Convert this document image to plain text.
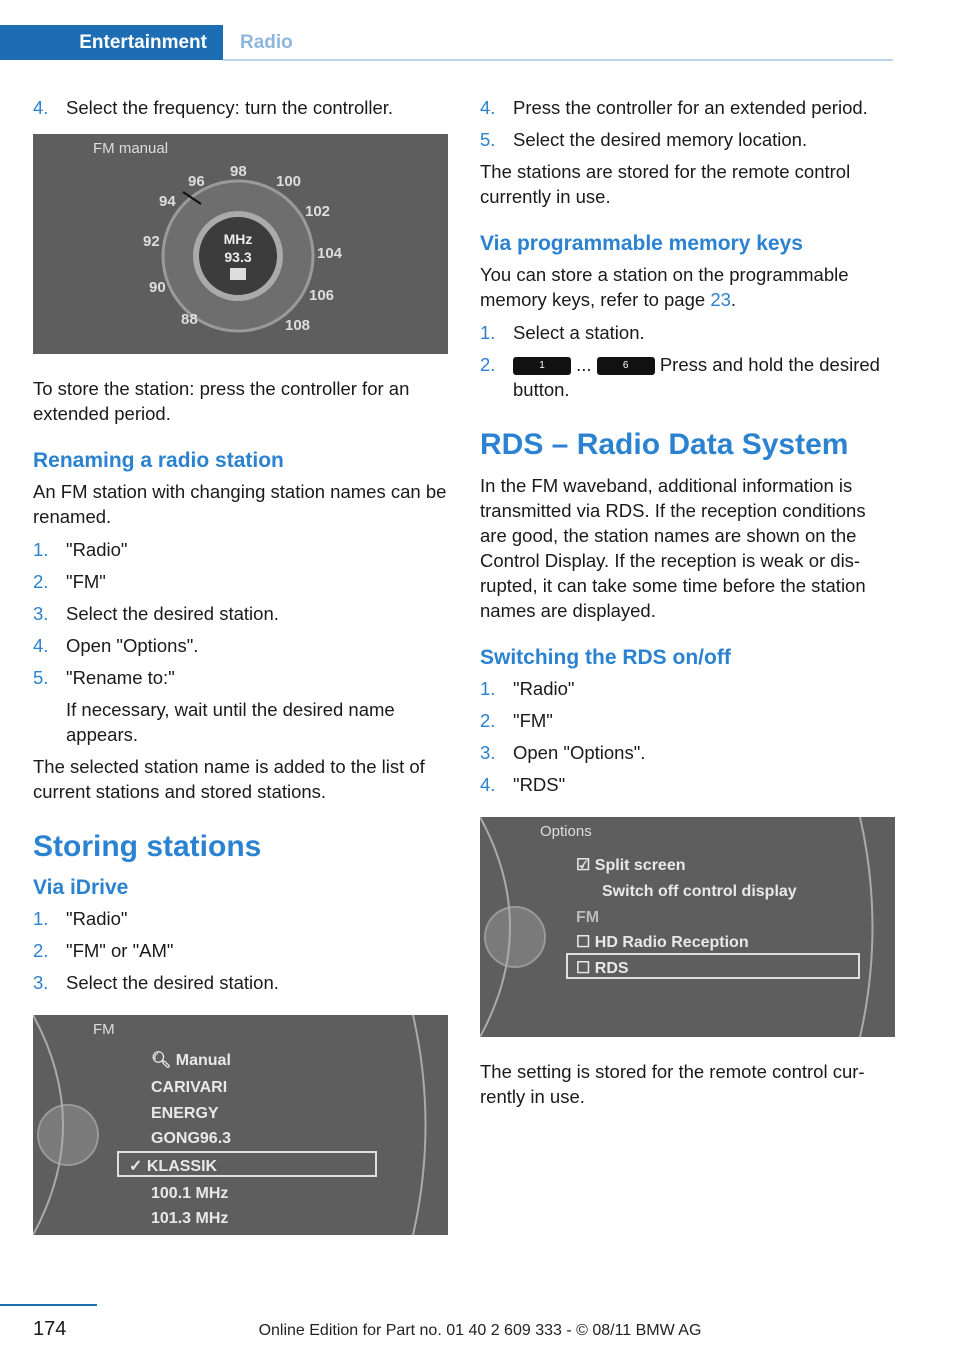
Entertainment	Radio
4. Select the frequency: turn the controller.
FM manual
88
90
92
94
96
98
100
102
104
106
108
MHz
93.3

To store the station: press the controller for an extended period.

Renaming a radio station

An FM station with changing station names can be renamed.

1. "Radio"
2. "FM"
3. Select the desired station.
4. Open "Options".
5. "Rename to:"

If necessary, wait until the desired name appears.

The selected station name is added to the list of current stations and stored stations.

Storing stations
Via iDrive
1. "Radio"
2. "FM" or "AM"
3. Select the desired station.
FM
🔍︎ Manual
CARIVARI
ENERGY
GONG96.3
✓ KLASSIK
100.1 MHz
101.3 MHz
4. Press the controller for an extended period.
5. Select the desired memory location.

The stations are stored for the remote control currently in use.

Via programmable memory keys

You can store a station on the programmable memory keys, refer to page 23.

1. Select a station.
2.	1 ...	6 Press and hold the desired button.
RDS – Radio Data System

In the FM waveband, additional information is transmitted via RDS. If the reception conditions are good, the station names are shown on the Control Display. If the reception is weak or dis-rupted, it can take some time before the station names are displayed.

Switching the RDS on/off
1. "Radio"
2. "FM"
3. Open "Options".
4. "RDS"
Options
☑ Split screen
Switch off control display
FM
☐ HD Radio Reception
☐ RDS

The setting is stored for the remote control cur-rently in use.

174	Online Edition for Part no. 01 40 2 609 333 - © 08/11 BMW AG
